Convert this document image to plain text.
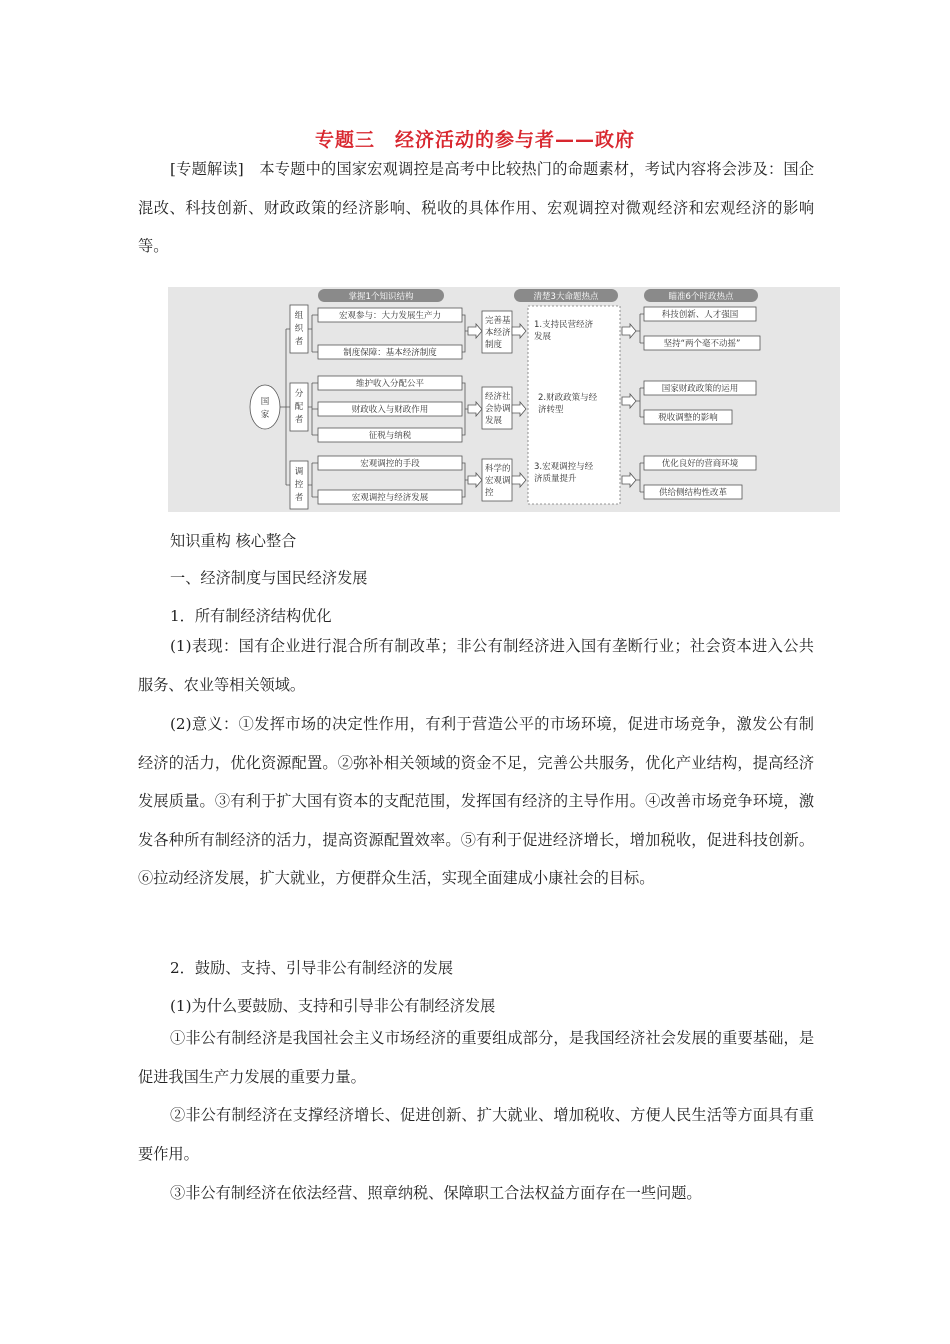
专题三　经济活动的参与者——政府
[专题解读]　 本专题中的国家宏观调控是高考中比较热门的命题素材，考试内容将会涉及：国企混改、科技创新、财政政策的经济影响、税收的具体作用、宏观调控对微观经济和宏观经济的影响等。
掌握1个知识结构	清楚3大命题热点	瞄准6个时政热点
国
家
组
织
者
分
配
者
调
控
者
宏观参与：大力发展生产力
制度保障：基本经济制度
维护收入分配公平
财政收入与财政作用
征税与纳税
宏观调控的手段
宏观调控与经济发展
完善基
本经济
制度
经济社
会协调
发展
科学的
宏观调
控
1.支持民营经济
发展
2.财政政策与经
济转型
3.宏观调控与经
济质量提升
科技创新、人才强国
坚持“两个毫不动摇”
国家财政政策的运用
税收调整的影响
优化良好的营商环境
供给侧结构性改革
知识重构 核心整合
一、经济制度与国民经济发展
1．所有制经济结构优化
(1)表现：国有企业进行混合所有制改革；非公有制经济进入国有垄断行业；社会资本进入公共服务、农业等相关领域。
(2)意义：①发挥市场的决定性作用，有利于营造公平的市场环境，促进市场竞争，激发公有制经济的活力，优化资源配置。②弥补相关领域的资金不足，完善公共服务，优化产业结构，提高经济发展质量。③有利于扩大国有资本的支配范围，发挥国有经济的主导作用。④改善市场竞争环境，激发各种所有制经济的活力，提高资源配置效率。⑤有利于促进经济增长，增加税收，促进科技创新。⑥拉动经济发展，扩大就业，方便群众生活，实现全面建成小康社会的目标。
2．鼓励、支持、引导非公有制经济的发展
(1)为什么要鼓励、支持和引导非公有制经济发展
①非公有制经济是我国社会主义市场经济的重要组成部分，是我国经济社会发展的重要基础，是促进我国生产力发展的重要力量。
②非公有制经济在支撑经济增长、促进创新、扩大就业、增加税收、方便人民生活等方面具有重要作用。
③非公有制经济在依法经营、照章纳税、保障职工合法权益方面存在一些问题。
